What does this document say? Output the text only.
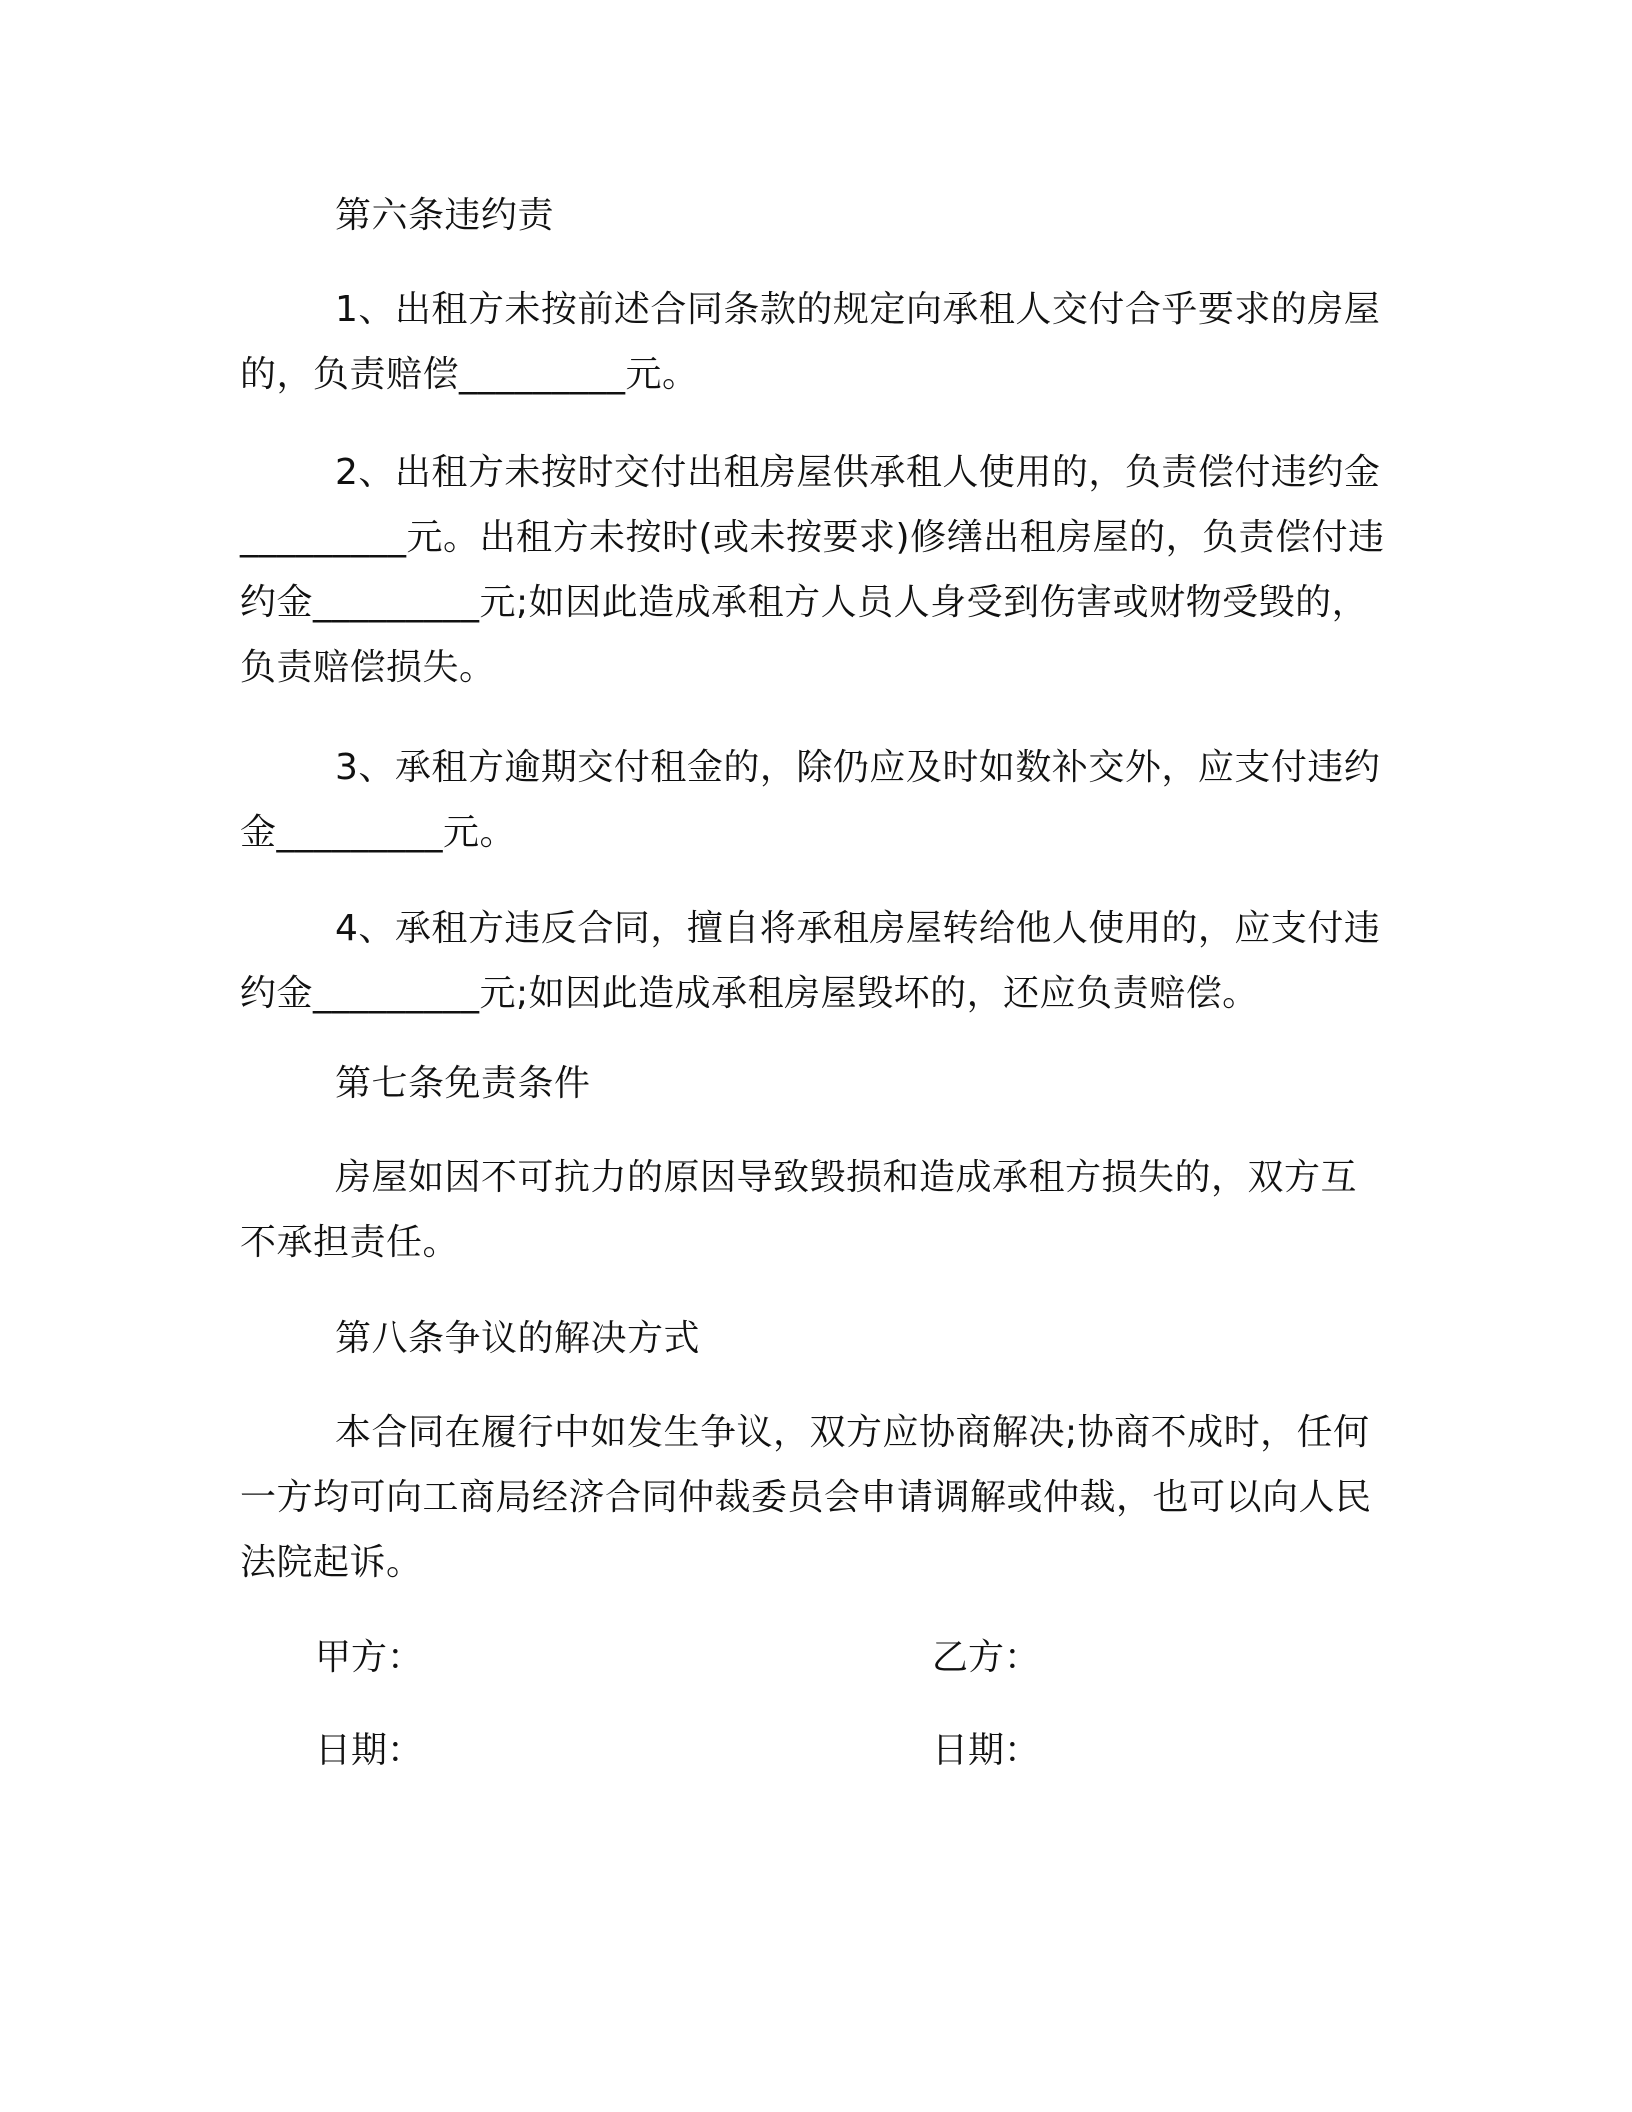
第六条违约责

1、出租方未按前述合同条款的规定向承租人交付合乎要求的房屋的，负责赔偿_________元。

2、出租方未按时交付出租房屋供承租人使用的，负责偿付违约金_________元。出租方未按时(或未按要求)修缮出租房屋的，负责偿付违约金_________元;如因此造成承租方人员人身受到伤害或财物受毁的，负责赔偿损失。

3、承租方逾期交付租金的，除仍应及时如数补交外，应支付违约金_________元。

4、承租方违反合同，擅自将承租房屋转给他人使用的，应支付违约金_________元;如因此造成承租房屋毁坏的，还应负责赔偿。

第七条免责条件

房屋如因不可抗力的原因导致毁损和造成承租方损失的，双方互不承担责任。

第八条争议的解决方式

本合同在履行中如发生争议，双方应协商解决;协商不成时，任何一方均可向工商局经济合同仲裁委员会申请调解或仲裁，也可以向人民法院起诉。

甲方：	乙方：

日期：	日期：
